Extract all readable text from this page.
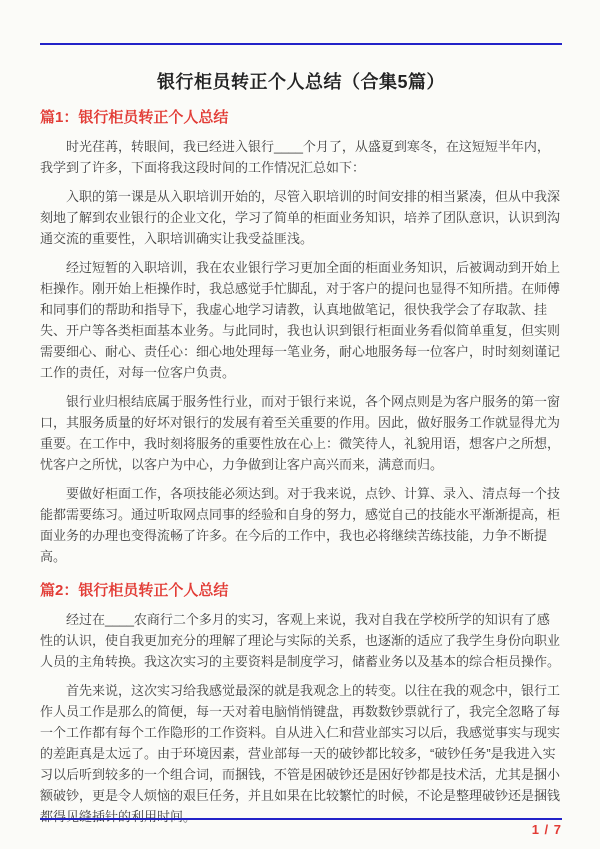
银行柜员转正个人总结（合集5篇）
篇1：银行柜员转正个人总结

时光荏苒，转眼间，我已经进入银行____个月了，从盛夏到寒冬，在这短短半年内，我学到了许多，下面将我这段时间的工作情况汇总如下：

入职的第一课是从入职培训开始的，尽管入职培训的时间安排的相当紧凑，但从中我深刻地了解到农业银行的企业文化，学习了简单的柜面业务知识，培养了团队意识，认识到沟通交流的重要性，入职培训确实让我受益匪浅。

经过短暂的入职培训，我在农业银行学习更加全面的柜面业务知识，后被调动到开始上柜操作。刚开始上柜操作时，我总感觉手忙脚乱，对于客户的提问也显得不知所措。在师傅和同事们的帮助和指导下，我虚心地学习请教，认真地做笔记，很快我学会了存取款、挂失、开户等各类柜面基本业务。与此同时，我也认识到银行柜面业务看似简单重复，但实则需要细心、耐心、责任心：细心地处理每一笔业务，耐心地服务每一位客户，时时刻刻谨记工作的责任，对每一位客户负责。

银行业归根结底属于服务性行业，而对于银行来说，各个网点则是为客户服务的第一窗口，其服务质量的好坏对银行的发展有着至关重要的作用。因此，做好服务工作就显得尤为重要。在工作中，我时刻将服务的重要性放在心上：微笑待人，礼貌用语，想客户之所想，忧客户之所忧，以客户为中心，力争做到让客户高兴而来，满意而归。

要做好柜面工作，各项技能必须达到。对于我来说，点钞、计算、录入、清点每一个技能都需要练习。通过听取网点同事的经验和自身的努力，感觉自己的技能水平渐渐提高，柜面业务的办理也变得流畅了许多。在今后的工作中，我也必将继续苦练技能，力争不断提高。

篇2：银行柜员转正个人总结

经过在____农商行二个多月的实习，客观上来说，我对自我在学校所学的知识有了感性的认识，使自我更加充分的理解了理论与实际的关系，也逐渐的适应了我学生身份向职业人员的主角转换。我这次实习的主要资料是制度学习，储蓄业务以及基本的综合柜员操作。

首先来说，这次实习给我感觉最深的就是我观念上的转变。以往在我的观念中，银行工作人员工作是那么的简便，每一天对着电脑悄悄键盘，再数数钞票就行了，我完全忽略了每一个工作都有每个工作隐形的工作资料。自从进入仁和营业部实习以后，我感觉事实与现实的差距真是太远了。由于环境因素，营业部每一天的破钞都比较多，“破钞任务”是我进入实习以后听到较多的一个组合词，而捆钱，不管是困破钞还是困好钞都是技术活，尤其是捆小额破钞，更是令人烦恼的艰巨任务，并且如果在比较繁忙的时候，不论是整理破钞还是捆钱都得见缝插针的利用时间。

1 / 7
